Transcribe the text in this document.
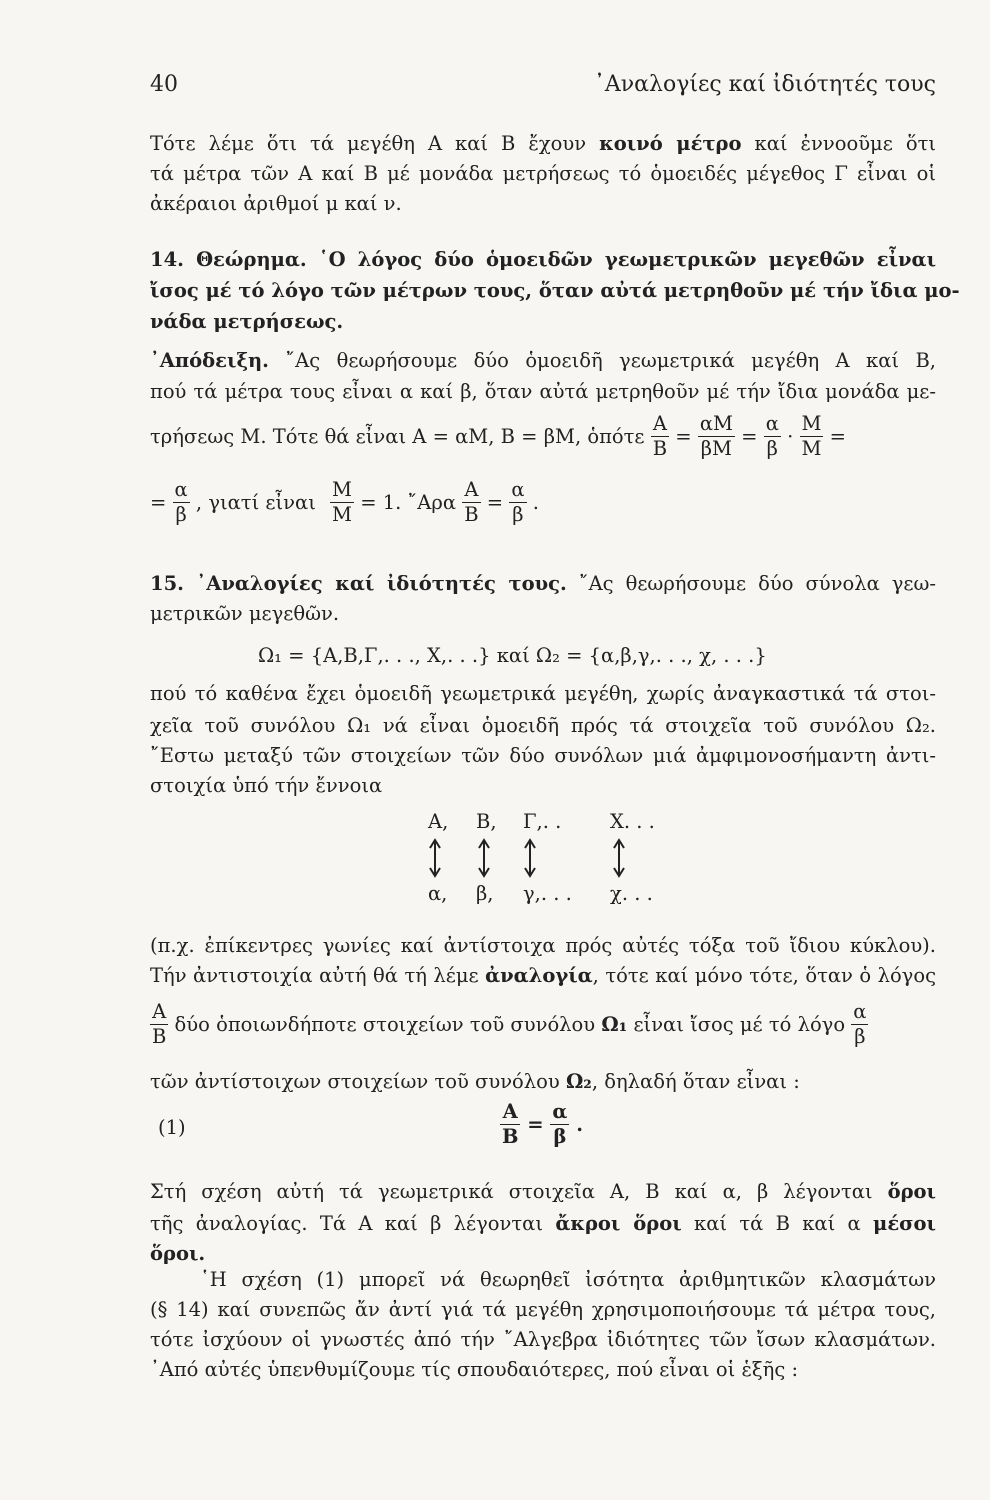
40	᾿Αναλογίες καί ἰδιότητές τους
Τότε λέμε ὅτι τά μεγέθη Α καί Β ἔχουν κοινό μέτρο καί ἐννοοῦμε ὅτι
τά μέτρα τῶν Α καί Β μέ μονάδα μετρήσεως τό ὁμοειδές μέγεθος Γ εἶναι οἱ
ἀκέραιοι ἀριθμοί μ καί ν.
14. Θεώρημα. ῾Ο λόγος δύο ὁμοειδῶν γεωμετρικῶν μεγεθῶν εἶναι
ἴσος μέ τό λόγο τῶν μέτρων τους, ὅταν αὐτά μετρηθοῦν μέ τήν ἴδια μο-
νάδα μετρήσεως.
᾿Απόδειξη. ῎Ας θεωρήσουμε δύο ὁμοειδῆ γεωμετρικά μεγέθη Α καί Β,
πού τά μέτρα τους εἶναι α καί β, ὅταν αὐτά μετρηθοῦν μέ τήν ἴδια μονάδα με-
τρήσεως Μ. Τότε θά εἶναι Α = αΜ, Β = βΜ, ὁπότε $\frac{A}{B} = \frac{\alpha M}{\beta M} = \frac{\alpha}{\beta} \cdot \frac{M}{M}$ =
= $\frac{\alpha}{\beta}$ , γιατί εἶναι $\frac{M}{M} = 1$. ῎Αρα $\frac{A}{B} = \frac{\alpha}{\beta}$ .
15. ᾿Αναλογίες καί ἰδιότητές τους. ῎Ας θεωρήσουμε δύο σύνολα γεω-
μετρικῶν μεγεθῶν.
Ω₁ = {Α,Β,Γ,. . ., Χ,. . .} καί Ω₂ = {α,β,γ,. . ., χ, . . .}
πού τό καθένα ἔχει ὁμοειδῆ γεωμετρικά μεγέθη, χωρίς ἀναγκαστικά τά στοι-
χεῖα τοῦ συνόλου Ω₁ νά εἶναι ὁμοειδῆ πρός τά στοιχεῖα τοῦ συνόλου Ω₂.
῎Εστω μεταξύ τῶν στοιχείων τῶν δύο συνόλων μιά ἀμφιμονοσήμαντη ἀντι-
στοιχία ὑπό τήν ἔννοια
Α, Β, Γ,. . Χ. . .
α, β, γ,. . . χ. . .
(π.χ. ἐπίκεντρες γωνίες καί ἀντίστοιχα πρός αὐτές τόξα τοῦ ἴδιου κύκλου).
Τήν ἀντιστοιχία αὐτή θά τή λέμε ἀναλογία, τότε καί μόνο τότε, ὅταν ὁ λόγος
$\frac{A}{B}$ δύο ὁποιωνδήποτε στοιχείων τοῦ συνόλου Ω₁ εἶναι ἴσος μέ τό λόγο $\frac{\alpha}{\beta}$
τῶν ἀντίστοιχων στοιχείων τοῦ συνόλου Ω₂, δηλαδή ὅταν εἶναι :
(1)	$\frac{A}{B} = \frac{\alpha}{\beta}$ .
Στή σχέση αὐτή τά γεωμετρικά στοιχεῖα Α, Β καί α, β λέγονται ὅροι
τῆς ἀναλογίας. Τά Α καί β λέγονται ἄκροι ὅροι καί τά Β καί α μέσοι
ὅροι.
῾Η σχέση (1) μπορεῖ νά θεωρηθεῖ ἰσότητα ἀριθμητικῶν κλασμάτων
(§ 14) καί συνεπῶς ἄν ἀντί γιά τά μεγέθη χρησιμοποιήσουμε τά μέτρα τους,
τότε ἰσχύουν οἱ γνωστές ἀπό τήν ῎Αλγεβρα ἰδιότητες τῶν ἴσων κλασμάτων.
᾿Από αὐτές ὑπενθυμίζουμε τίς σπουδαιότερες, πού εἶναι οἱ ἑξῆς :
